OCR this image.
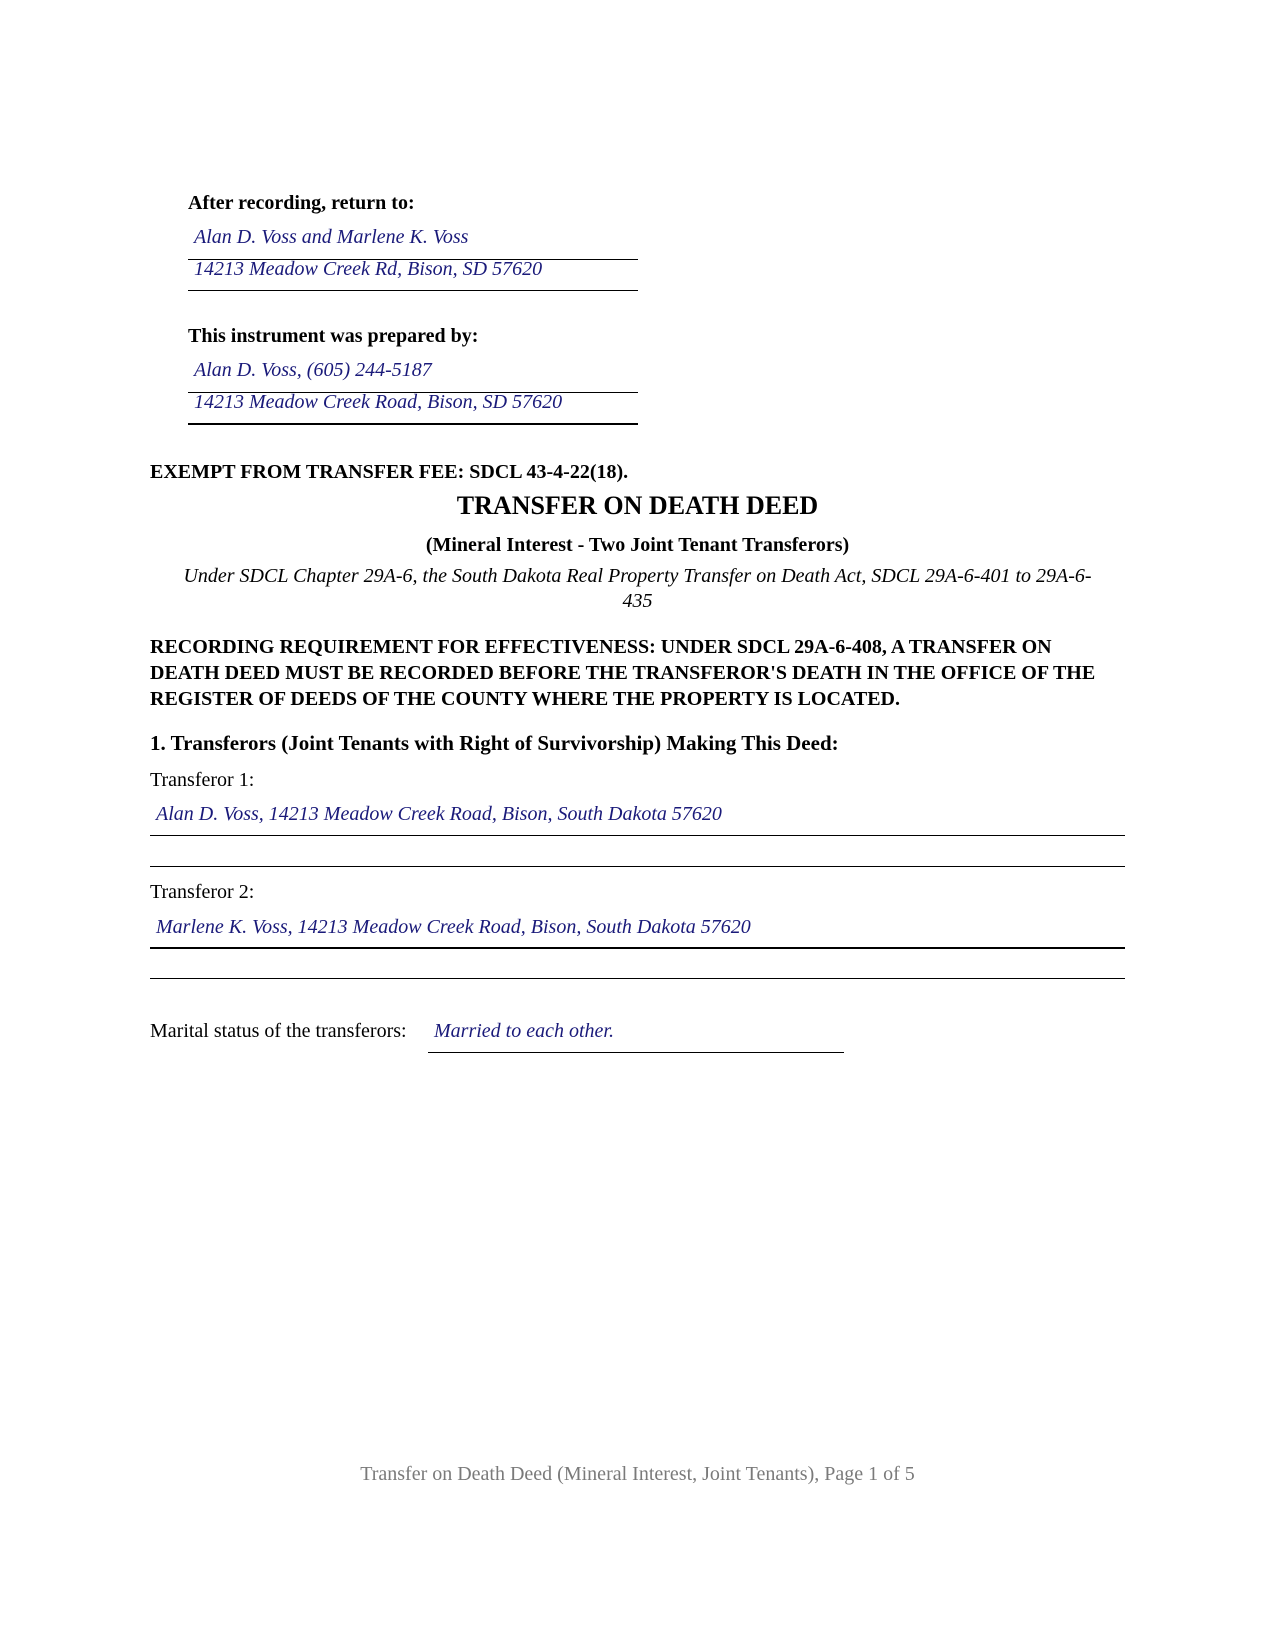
After recording, return to:
Alan D. Voss and Marlene K. Voss
14213 Meadow Creek Rd, Bison, SD 57620
This instrument was prepared by:
Alan D. Voss, (605) 244-5187
14213 Meadow Creek Road, Bison, SD 57620
EXEMPT FROM TRANSFER FEE: SDCL 43-4-22(18).
TRANSFER ON DEATH DEED
(Mineral Interest - Two Joint Tenant Transferors)
Under SDCL Chapter 29A-6, the South Dakota Real Property Transfer on Death Act, SDCL 29A-6-401 to 29A-6-435
RECORDING REQUIREMENT FOR EFFECTIVENESS: UNDER SDCL 29A-6-408, A TRANSFER ON DEATH DEED MUST BE RECORDED BEFORE THE TRANSFEROR'S DEATH IN THE OFFICE OF THE REGISTER OF DEEDS OF THE COUNTY WHERE THE PROPERTY IS LOCATED.
1. Transferors (Joint Tenants with Right of Survivorship) Making This Deed:
Transferor 1:
Alan D. Voss, 14213 Meadow Creek Road, Bison, South Dakota 57620
Transferor 2:
Marlene K. Voss, 14213 Meadow Creek Road, Bison, South Dakota 57620
Marital status of the transferors: Married to each other.
Transfer on Death Deed (Mineral Interest, Joint Tenants), Page 1 of 5
